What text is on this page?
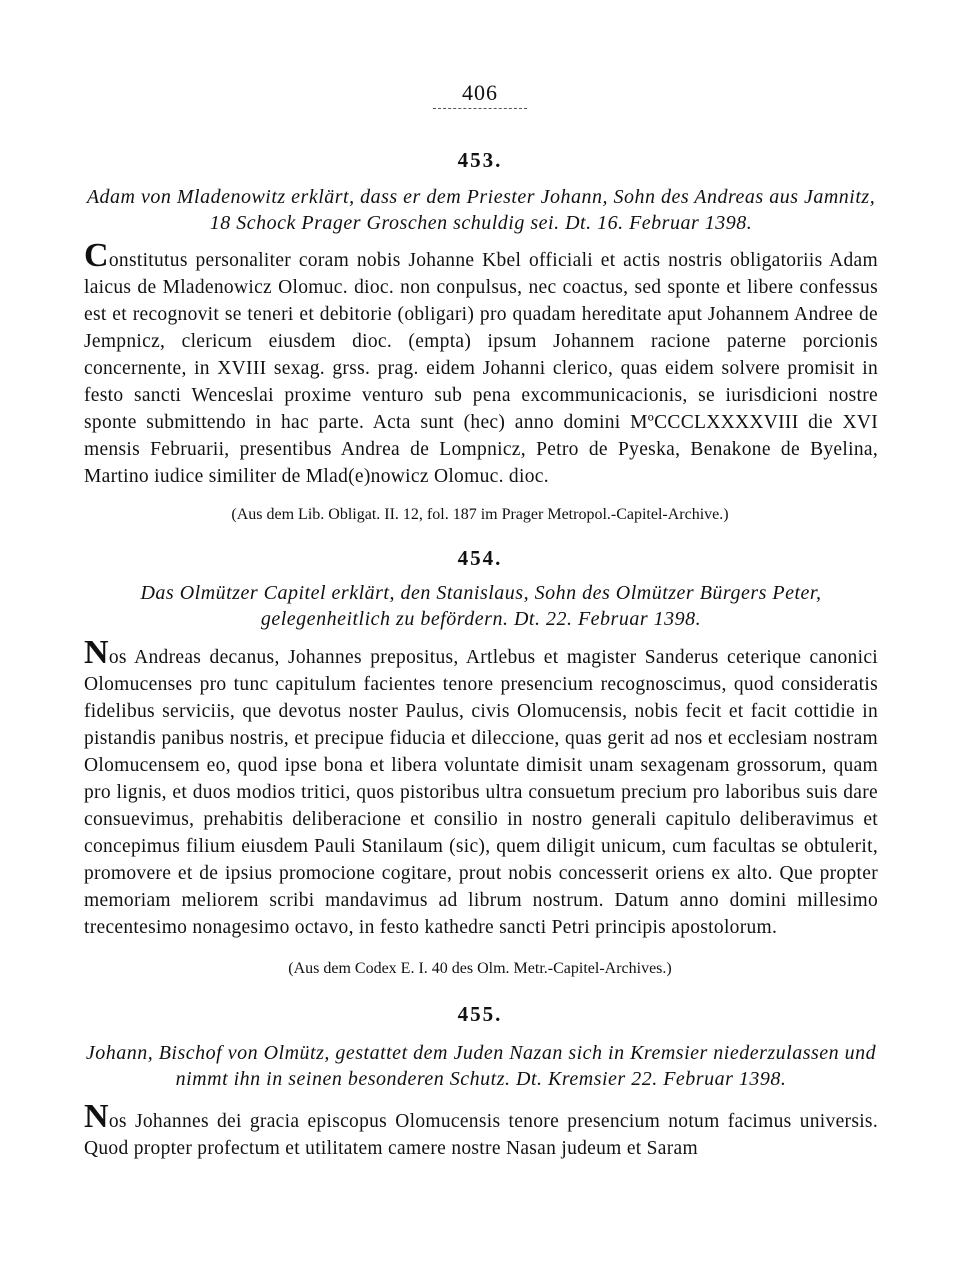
406
453.
Adam von Mladenowitz erklärt, dass er dem Priester Johann, Sohn des Andreas aus Jamnitz, 18 Schock Prager Groschen schuldig sei. Dt. 16. Februar 1398.

Constitutus personaliter coram nobis Johanne Kbel officiali et actis nostris obligatoriis Adam laicus de Mladenowicz Olomuc. dioc. non conpulsus, nec coactus, sed sponte et libere confessus est et recognovit se teneri et debitorie (obligari) pro quadam hereditate aput Johannem Andree de Jempnicz, clericum eiusdem dioc. (empta) ipsum Johannem racione paterne porcionis concernente, in XVIII sexag. grss. prag. eidem Johanni clerico, quas eidem solvere promisit in festo sancti Wenceslai proxime venturo sub pena excommunicacionis, se iurisdicioni nostre sponte submittendo in hac parte. Acta sunt (hec) anno domini MºCCCLXXXXVIII die XVI mensis Februarii, presentibus Andrea de Lompnicz, Petro de Pyeska, Benakone de Byelina, Martino iudice similiter de Mlad(e)nowicz Olomuc. dioc.

(Aus dem Lib. Obligat. II. 12, fol. 187 im Prager Metropol.-Capitel-Archive.)
454.
Das Olmützer Capitel erklärt, den Stanislaus, Sohn des Olmützer Bürgers Peter, gelegenheitlich zu befördern. Dt. 22. Februar 1398.

Nos Andreas decanus, Johannes prepositus, Artlebus et magister Sanderus ceterique canonici Olomucenses pro tunc capitulum facientes tenore presencium recognoscimus, quod consideratis fidelibus serviciis, que devotus noster Paulus, civis Olomucensis, nobis fecit et facit cottidie in pistandis panibus nostris, et precipue fiducia et dileccione, quas gerit ad nos et ecclesiam nostram Olomucensem eo, quod ipse bona et libera voluntate dimisit unam sexagenam grossorum, quam pro lignis, et duos modios tritici, quos pistoribus ultra consuetum precium pro laboribus suis dare consuevimus, prehabitis deliberacione et consilio in nostro generali capitulo deliberavimus et concepimus filium eiusdem Pauli Stanilaum (sic), quem diligit unicum, cum facultas se obtulerit, promovere et de ipsius promocione cogitare, prout nobis concesserit oriens ex alto. Que propter memoriam meliorem scribi mandavimus ad librum nostrum. Datum anno domini millesimo trecentesimo nonagesimo octavo, in festo kathedre sancti Petri principis apostolorum.

(Aus dem Codex E. I. 40 des Olm. Metr.-Capitel-Archives.)
455.
Johann, Bischof von Olmütz, gestattet dem Juden Nazan sich in Kremsier niederzulassen und nimmt ihn in seinen besonderen Schutz. Dt. Kremsier 22. Februar 1398.

Nos Johannes dei gracia episcopus Olomucensis tenore presencium notum facimus universis. Quod propter profectum et utilitatem camere nostre Nasan judeum et Saram
